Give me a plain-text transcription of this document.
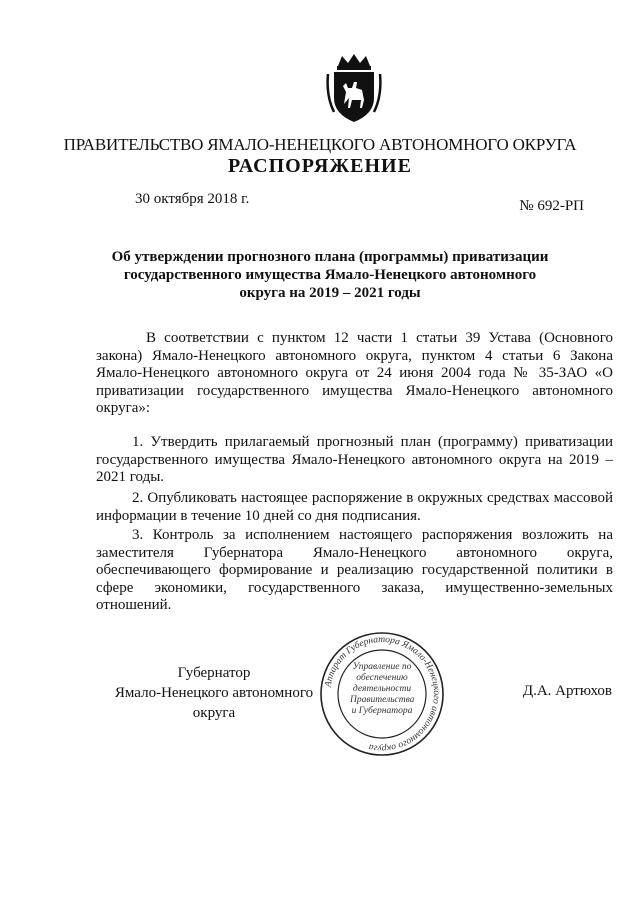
ПРАВИТЕЛЬСТВО ЯМАЛО-НЕНЕЦКОГО АВТОНОМНОГО ОКРУГА
РАСПОРЯЖЕНИЕ
30 октября 2018 г.	№ 692-РП
Об утверждении прогнозного плана (программы) приватизации государственного имущества Ямало-Ненецкого автономного округа на 2019 – 2021 годы
В соответствии с пунктом 12 части 1 статьи 39 Устава (Основного закона) Ямало-Ненецкого автономного округа, пунктом 4 статьи 6 Закона Ямало-Ненецкого автономного округа от 24 июня 2004 года № 35-ЗАО «О приватизации государственного имущества Ямало-Ненецкого автономного округа»:
1. Утвердить прилагаемый прогнозный план (программу) приватизации государственного имущества Ямало-Ненецкого автономного округа на 2019 – 2021 годы.
2. Опубликовать настоящее распоряжение в окружных средствах массовой информации в течение 10 дней со дня подписания.
3. Контроль за исполнением настоящего распоряжения возложить на заместителя Губернатора Ямало-Ненецкого автономного округа, обеспечивающего формирование и реализацию государственной политики в сфере экономики, государственного заказа, имущественно-земельных отношений.
Губернатор
Ямало-Ненецкого автономного округа
Аппарат Губернатора Ямало-Ненецкого автономного округа
Управление по
обеспечению
деятельности
Правительства
и Губернатора
Д.А. Артюхов
